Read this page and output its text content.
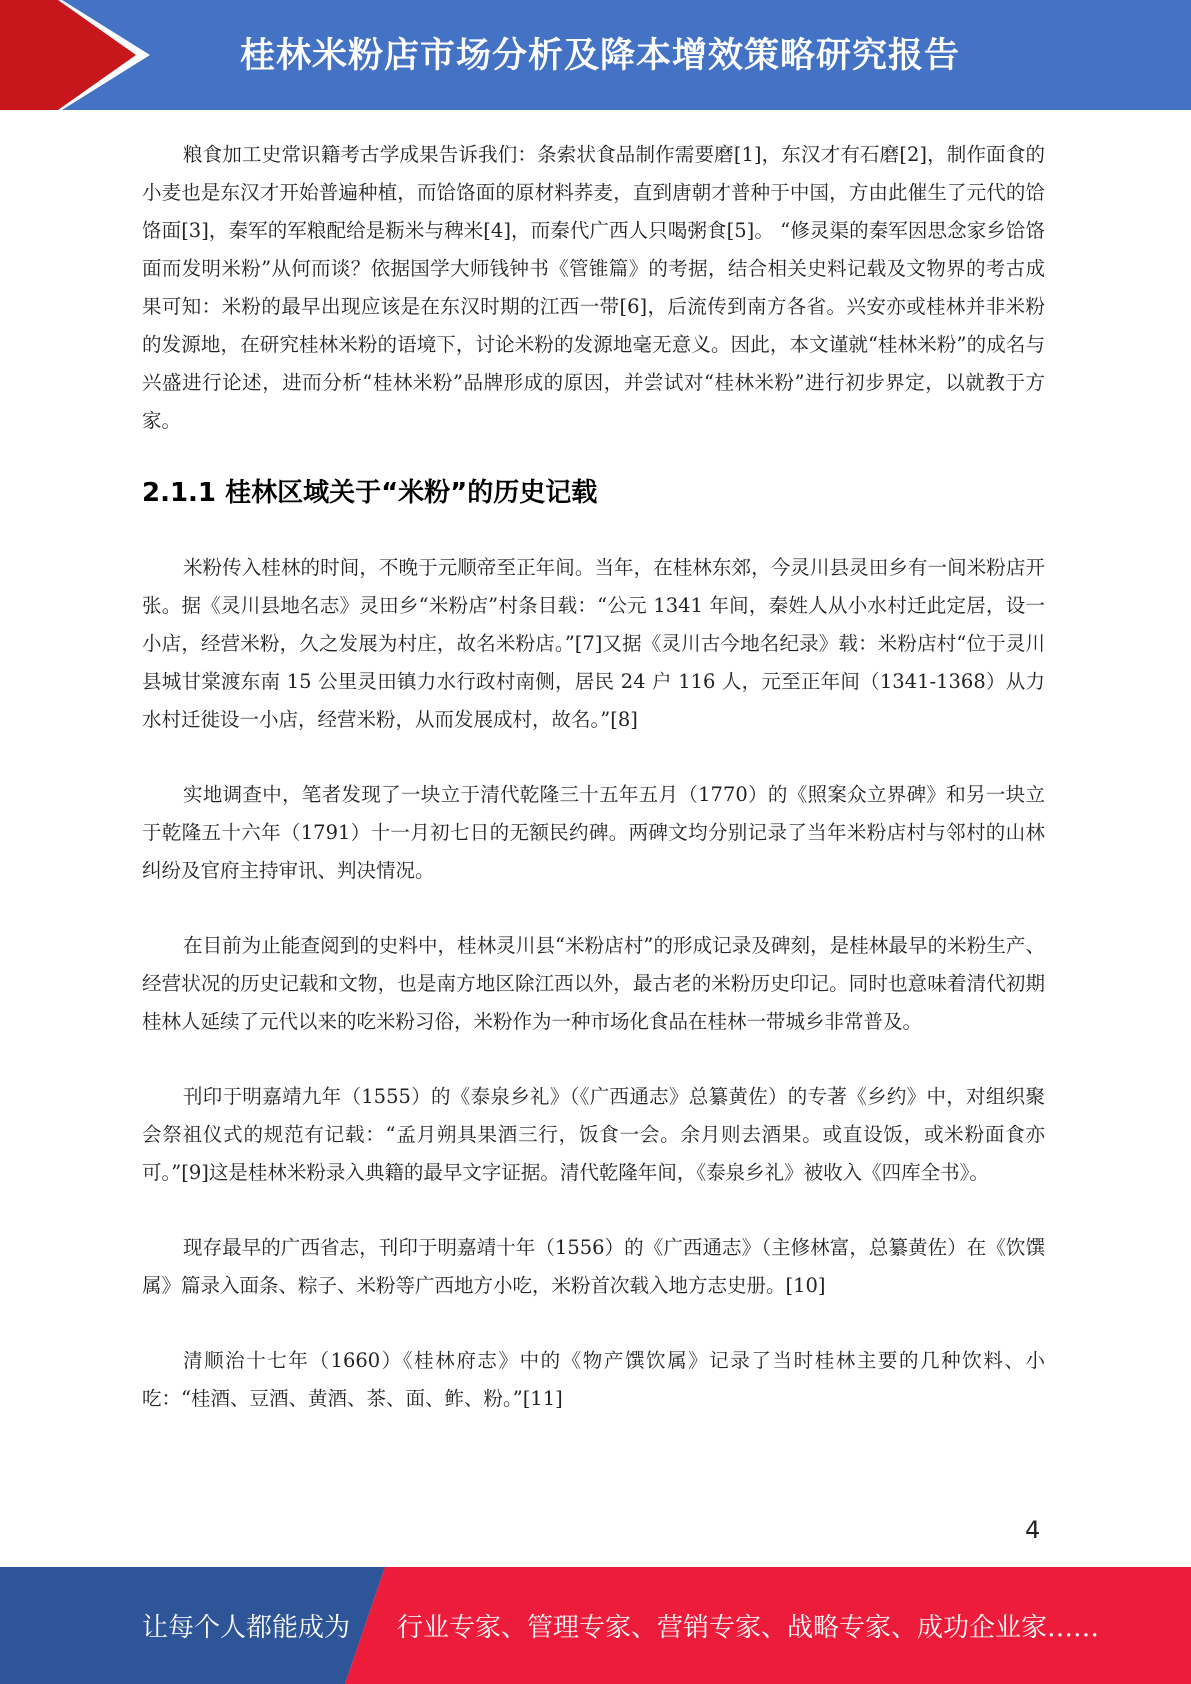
桂林米粉店市场分析及降本增效策略研究报告

粮食加工史常识籍考古学成果告诉我们：条索状食品制作需要磨[1]，东汉才有石磨[2]，制作面食的小麦也是东汉才开始普遍种植，而饸饹面的原材料荞麦，直到唐朝才普种于中国，方由此催生了元代的饸饹面[3]，秦军的军粮配给是粝米与稗米[4]，而秦代广西人只喝粥食[5]。 “修灵渠的秦军因思念家乡饸饹面而发明米粉”从何而谈？依据国学大师钱钟书《管锥篇》的考据，结合相关史料记载及文物界的考古成果可知：米粉的最早出现应该是在东汉时期的江西一带[6]，后流传到南方各省。兴安亦或桂林并非米粉的发源地，在研究桂林米粉的语境下，讨论米粉的发源地毫无意义。因此，本文谨就“桂林米粉”的成名与兴盛进行论述，进而分析“桂林米粉”品牌形成的原因，并尝试对“桂林米粉”进行初步界定，以就教于方家。

2.1.1 桂林区域关于“米粉”的历史记载

米粉传入桂林的时间，不晚于元顺帝至正年间。当年，在桂林东郊，今灵川县灵田乡有一间米粉店开张。据《灵川县地名志》灵田乡“米粉店”村条目载：“公元 1341 年间，秦姓人从小水村迁此定居，设一小店，经营米粉，久之发展为村庄，故名米粉店。”[7]又据《灵川古今地名纪录》载：米粉店村“位于灵川县城甘棠渡东南 15 公里灵田镇力水行政村南侧，居民 24 户 116 人，元至正年间（1341-1368）从力水村迁徙设一小店，经营米粉，从而发展成村，故名。”[8]

实地调查中，笔者发现了一块立于清代乾隆三十五年五月（1770）的《照案众立界碑》和另一块立于乾隆五十六年（1791）十一月初七日的无额民约碑。两碑文均分别记录了当年米粉店村与邻村的山林纠纷及官府主持审讯、判决情况。

在目前为止能查阅到的史料中，桂林灵川县“米粉店村”的形成记录及碑刻，是桂林最早的米粉生产、经营状况的历史记载和文物，也是南方地区除江西以外，最古老的米粉历史印记。同时也意味着清代初期桂林人延续了元代以来的吃米粉习俗，米粉作为一种市场化食品在桂林一带城乡非常普及。

刊印于明嘉靖九年（1555）的《泰泉乡礼》（《广西通志》总纂黄佐）的专著《乡约》中，对组织聚会祭祖仪式的规范有记载：“孟月朔具果酒三行，饭食一会。余月则去酒果。或直设饭，或米粉面食亦可。”[9]这是桂林米粉录入典籍的最早文字证据。清代乾隆年间，《泰泉乡礼》被收入《四库全书》。

现存最早的广西省志，刊印于明嘉靖十年（1556）的《广西通志》（主修林富，总纂黄佐）在《饮馔属》篇录入面条、粽子、米粉等广西地方小吃，米粉首次载入地方志史册。[10]

清顺治十七年（1660）《桂林府志》中的《物产馔饮属》记录了当时桂林主要的几种饮料、小吃：“桂酒、豆酒、黄酒、茶、面、鲊、粉。”[11]

4
让每个人都能成为 行业专家、管理专家、营销专家、战略专家、成功企业家……
